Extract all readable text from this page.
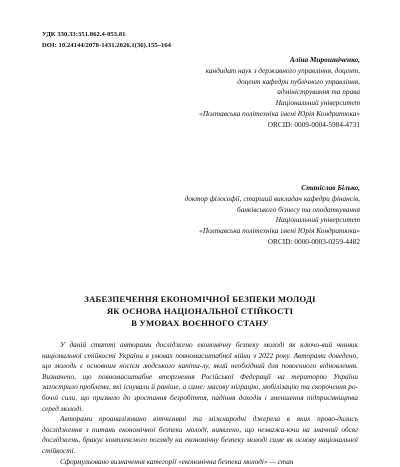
УДК 330.33:351.862.4-053.81
DOI: 10.24144/2078-1431.2026.1(36).155–164
Аліна Мирошніченко,
кандидат наук з державного управління, доцент,
доцент кафедри публічного управління,
адміністрування та права
Національний університет
«Полтавська політехніка імені Юрія Кондратюка»
ORCID: 0009-0004-5984-4731
Станіслав Білько,
доктор філософії, старший викладач кафедри фінансів,
банківського бізнесу та оподаткування
Національний університет
«Полтавська політехніка імені Юрія Кондратюка»
ORCID: 0000-0003-0259-4482
ЗАБЕЗПЕЧЕННЯ ЕКОНОМІЧНОЇ БЕЗПЕКИ МОЛОДІ
ЯК ОСНОВА НАЦІОНАЛЬНОЇ СТІЙКОСТІ
В УМОВАХ ВОЄННОГО СТАНУ

У даній статті авторами досліджено економічну безпеку молоді як ключо-вий чинник національної стійкості України в умовах повномасштабної війни з 2022 року. Авторами доведено, що молодь є основним носієм людського капіта-лу, який необхідний для повоєнного відновлення. Визначено, що повномасштабне вторгнення Російської Федерації на територію України загострило проблеми, які існували й раніше, а саме: масову міграцію, мобілізацію та скорочення ро-бочої сили, що призвело до зростання безробіття, падіння доходів і зменшення підприємництва серед молоді.

Авторами проаналізовано вітчизняні та міжнародні джерела в яких прово-дились дослідження з питань економічної безпеки молоді, виявлено, що незважа-ючи на значний обсяг досліджень, бракує комплексного погляду на економічну безпеку молоді саме як основу національної стійкості.

Сформульовано визначення категорії «економічна безпека молоді» — стан
